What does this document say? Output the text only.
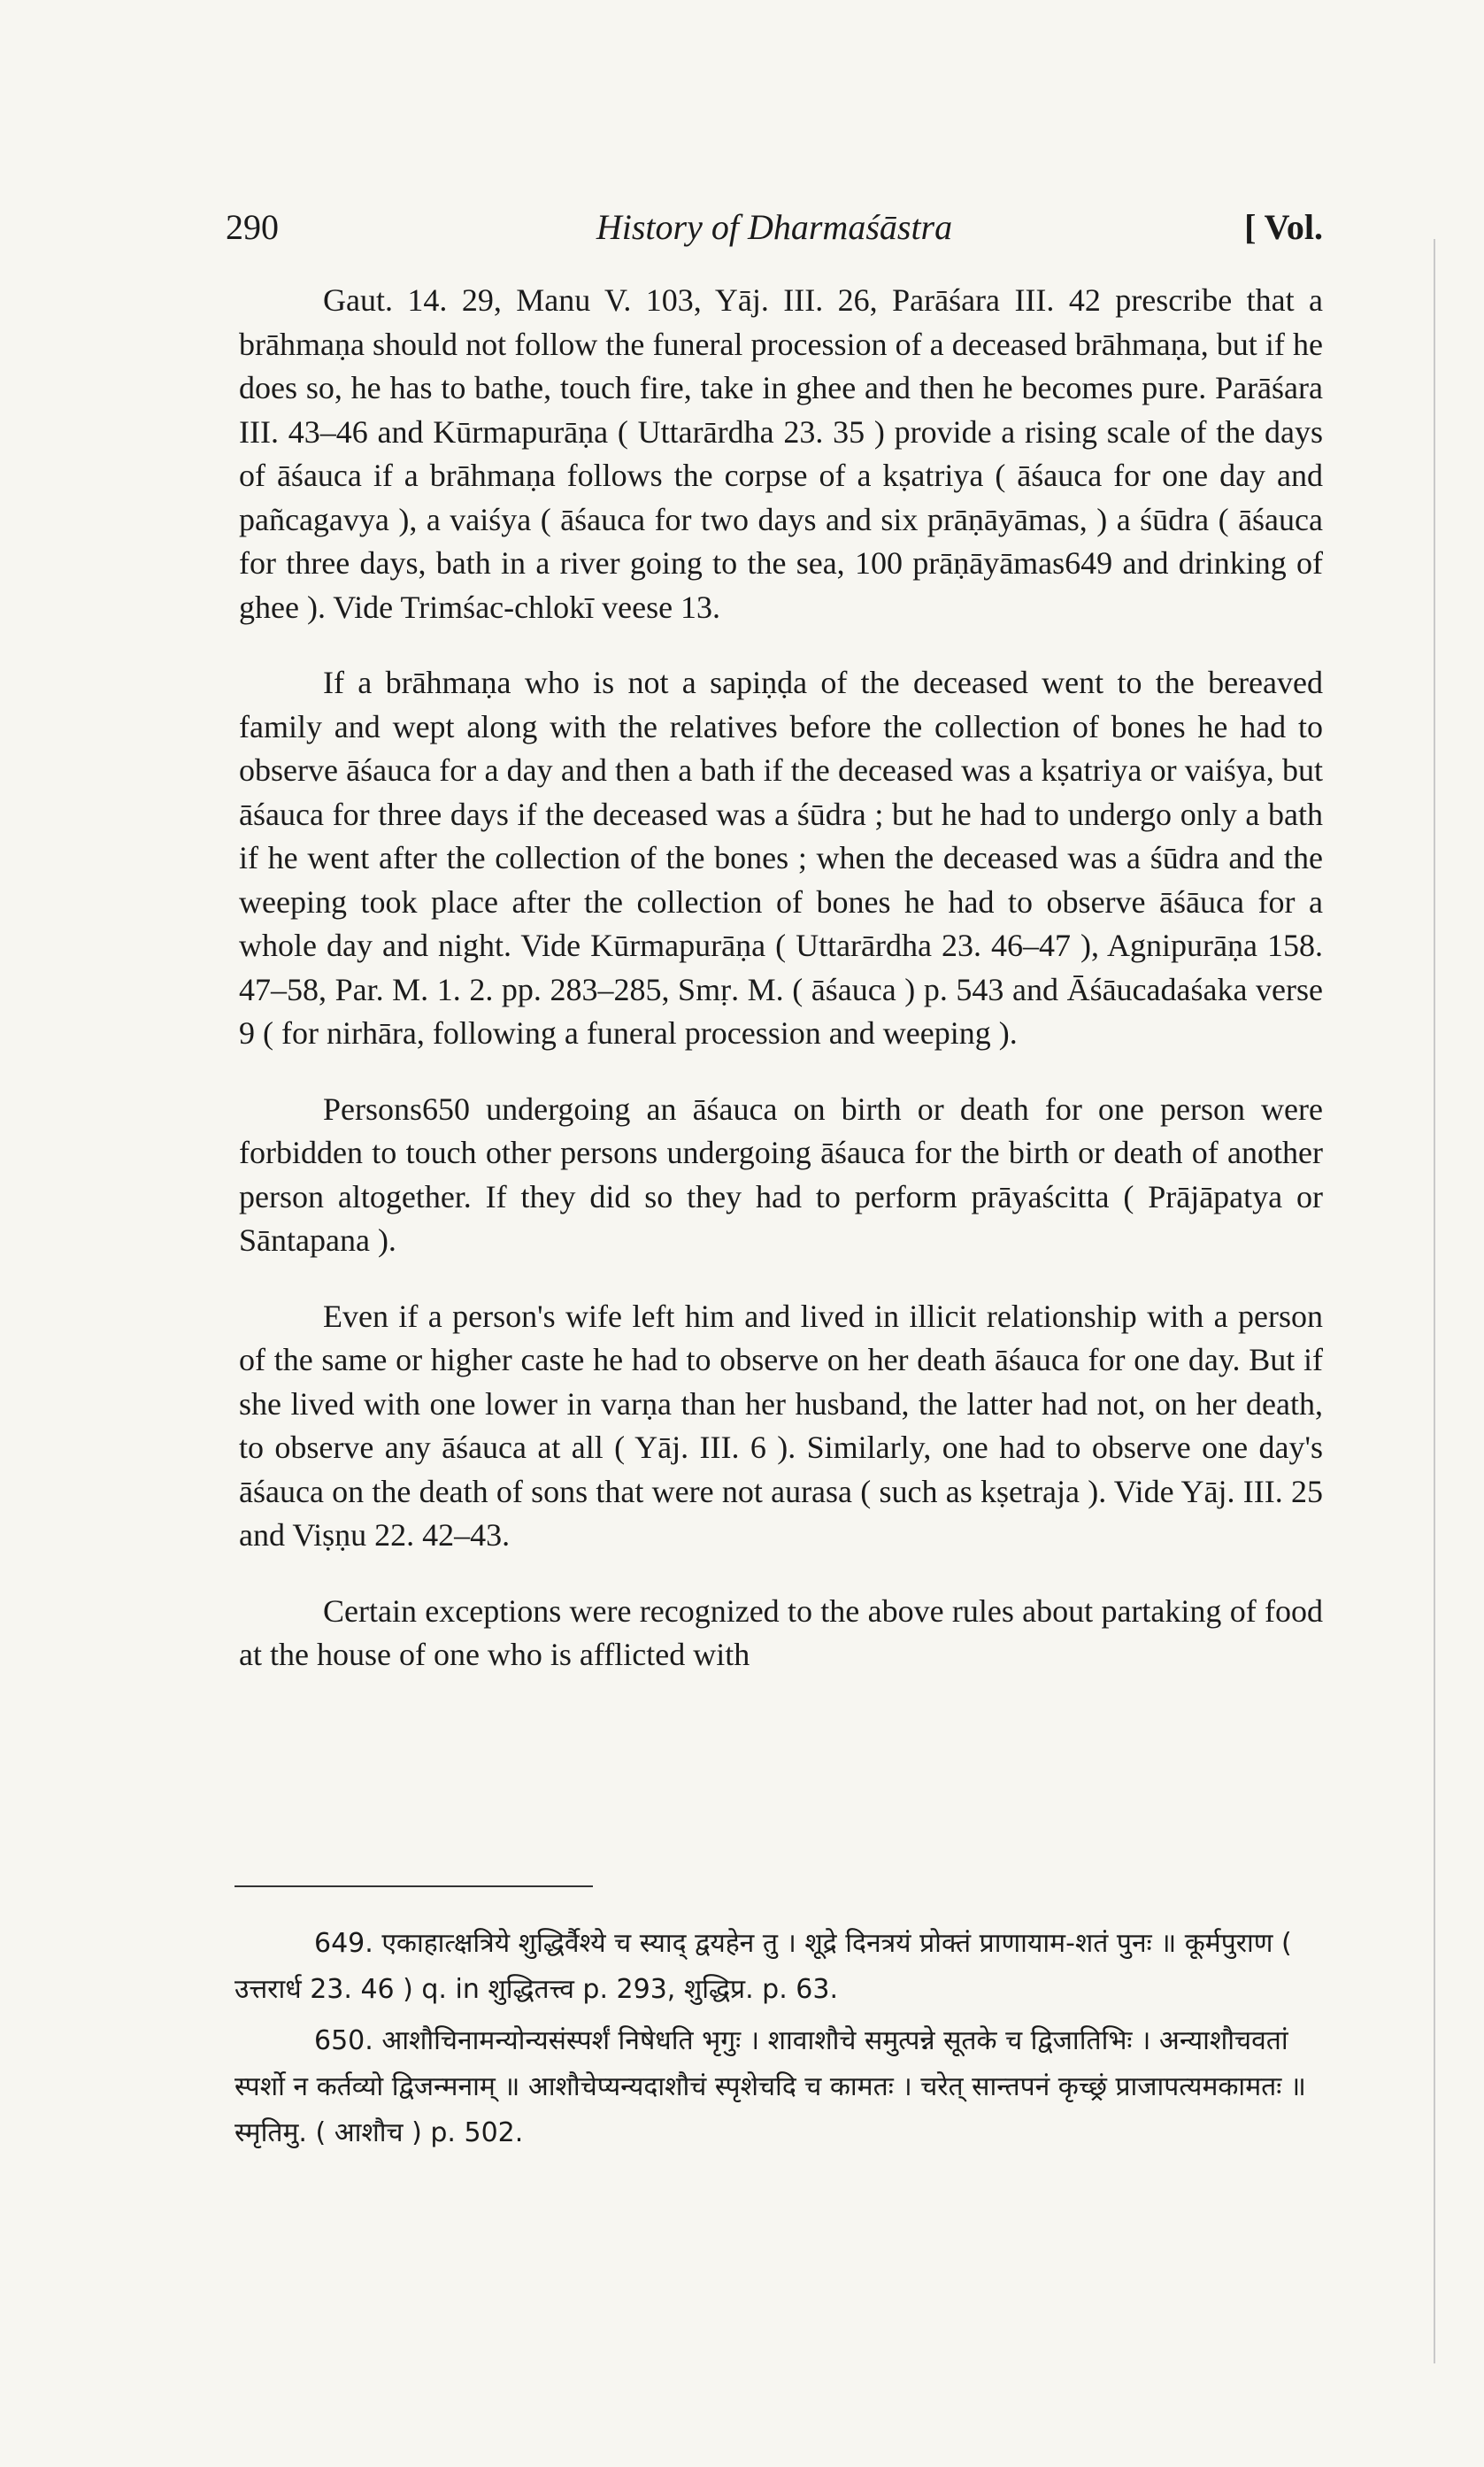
290	History of Dharmaśāstra	[ Vol.

Gaut. 14. 29, Manu V. 103, Yāj. III. 26, Parāśara III. 42 prescribe that a brāhmaṇa should not follow the funeral procession of a deceased brāhmaṇa, but if he does so, he has to bathe, touch fire, take in ghee and then he becomes pure. Parāśara III. 43–46 and Kūrmapurāṇa ( Uttarārdha 23. 35 ) provide a rising scale of the days of āśauca if a brāhmaṇa follows the corpse of a kṣatriya ( āśauca for one day and pañcagavya ), a vaiśya ( āśauca for two days and six prāṇāyāmas, ) a śūdra ( āśauca for three days, bath in a river going to the sea, 100 prāṇāyāmas649 and drinking of ghee ). Vide Trimśac-chlokī veese 13.

If a brāhmaṇa who is not a sapiṇḍa of the deceased went to the bereaved family and wept along with the relatives before the collection of bones he had to observe āśauca for a day and then a bath if the deceased was a kṣatriya or vaiśya, but āśauca for three days if the deceased was a śūdra ; but he had to undergo only a bath if he went after the collection of the bones ; when the deceased was a śūdra and the weeping took place after the collection of bones he had to observe āśāuca for a whole day and night. Vide Kūrmapurāṇa ( Uttarārdha 23. 46–47 ), Agnipurāṇa 158. 47–58, Par. M. 1. 2. pp. 283–285, Smṛ. M. ( āśauca ) p. 543 and Āśāucadaśaka verse 9 ( for nirhāra, following a funeral procession and weeping ).

Persons650 undergoing an āśauca on birth or death for one person were forbidden to touch other persons undergoing āśauca for the birth or death of another person altogether. If they did so they had to perform prāyaścitta ( Prājāpatya or Sāntapana ).

Even if a person's wife left him and lived in illicit relationship with a person of the same or higher caste he had to observe on her death āśauca for one day. But if she lived with one lower in varṇa than her husband, the latter had not, on her death, to observe any āśauca at all ( Yāj. III. 6 ). Similarly, one had to observe one day's āśauca on the death of sons that were not aurasa ( such as kṣetraja ). Vide Yāj. III. 25 and Viṣṇu 22. 42–43.

Certain exceptions were recognized to the above rules about partaking of food at the house of one who is afflicted with

649. एकाहात्क्षत्रिये शुद्धिर्वैश्ये च स्याद् द्वयहेन तु । शूद्रे दिनत्रयं प्रोक्तं प्राणायाम-शतं पुनः ॥ कूर्मपुराण ( उत्तरार्ध 23. 46 ) q. in शुद्धितत्त्व p. 293, शुद्धिप्र. p. 63.

650. आशौचिनामन्योन्यसंस्पर्शं निषेधति भृगुः । शावाशौचे समुत्पन्ने सूतके च द्विजातिभिः । अन्याशौचवतां स्पर्शो न कर्तव्यो द्विजन्मनाम् ॥ आशौचेप्यन्यदाशौचं स्पृशेचदि च कामतः । चरेत् सान्तपनं कृच्छ्रं प्राजापत्यमकामतः ॥ स्मृतिमु. ( आशौच ) p. 502.
